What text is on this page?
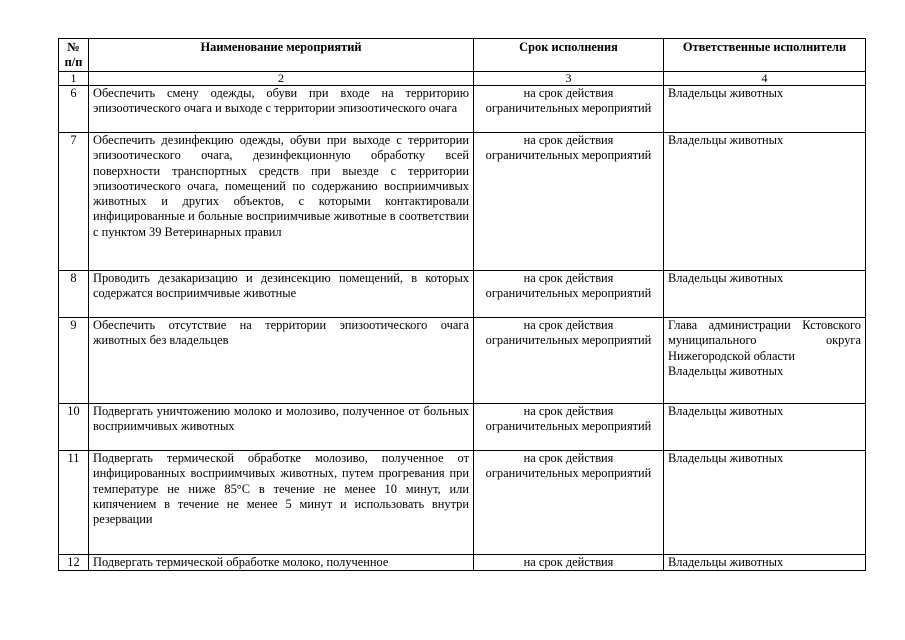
№
п/п	Наименование мероприятий	Срок исполнения	Ответственные исполнители
1	2	3	4
6	Обеспечить смену одежды, обуви при входе на территорию эпизоотического очага и выходе с территории эпизоотического очага	на срок действия ограничительных мероприятий	Владельцы животных
7	Обеспечить дезинфекцию одежды, обуви при выходе с территории эпизоотического очага, дезинфекционную обработку всей поверхности транспортных средств при выезде с территории эпизоотического очага, помещений по содержанию восприимчивых животных и других объектов, с которыми контактировали инфицированные и больные восприимчивые животные в соответствии с пунктом 39 Ветеринарных правил	на срок действия ограничительных мероприятий	Владельцы животных
8	Проводить дезакаризацию и дезинсекцию помещений, в которых содержатся восприимчивые животные	на срок действия ограничительных мероприятий	Владельцы животных
9	Обеспечить отсутствие на территории эпизоотического очага животных без владельцев	на срок действия ограничительных мероприятий	Глава администрации Кстовского муниципального округа Нижегородской области
Владельцы животных

10	Подвергать уничтожению молоко и молозиво, полученное от больных восприимчивых животных	на срок действия ограничительных мероприятий	Владельцы животных
11	Подвергать термической обработке молозиво, полученное от инфицированных восприимчивых животных, путем прогревания при температуре не ниже 85°С в течение не менее 10 минут, или кипячением в течение не менее 5 минут и использовать внутри резервации	на срок действия ограничительных мероприятий	Владельцы животных
12	Подвергать термической обработке молоко, полученное	на срок действия	Владельцы животных
